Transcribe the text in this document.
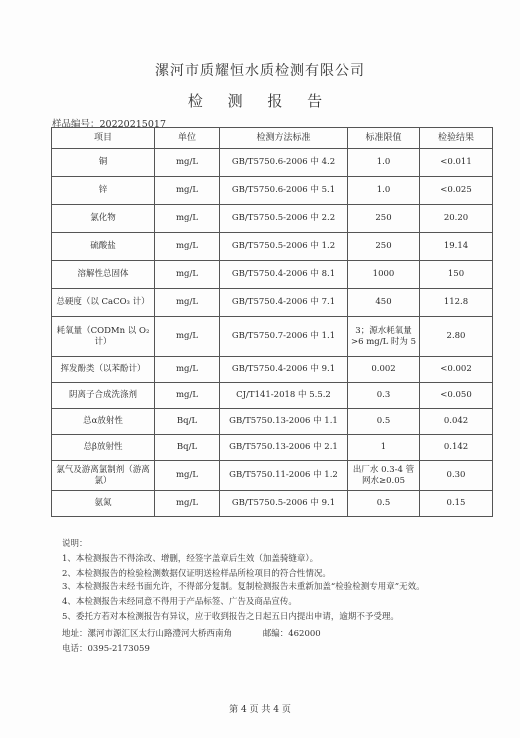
漯河市质耀恒水质检测有限公司
检 测 报 告
样品编号：20220215017
项目	单位	检测方法标准	标准限值	检验结果
铜	mg/L	GB/T5750.6-2006 中 4.2	1.0	<0.011
锌	mg/L	GB/T5750.6-2006 中 5.1	1.0	<0.025
氯化物	mg/L	GB/T5750.5-2006 中 2.2	250	20.20
硫酸盐	mg/L	GB/T5750.5-2006 中 1.2	250	19.14
溶解性总固体	mg/L	GB/T5750.4-2006 中 8.1	1000	150
总硬度（以 CaCO₃ 计）	mg/L	GB/T5750.4-2006 中 7.1	450	112.8
耗氧量（CODMn 以 O₂ 计）	mg/L	GB/T5750.7-2006 中 1.1	3；源水耗氧量>6 mg/L 时为 5	2.80
挥发酚类（以苯酚计）	mg/L	GB/T5750.4-2006 中 9.1	0.002	<0.002
阴离子合成洗涤剂	mg/L	CJ/T141-2018 中 5.5.2	0.3	<0.050
总α放射性	Bq/L	GB/T5750.13-2006 中 1.1	0.5	0.042
总β放射性	Bq/L	GB/T5750.13-2006 中 2.1	1	0.142
氯气及游离氯制剂（游离氯）	mg/L	GB/T5750.11-2006 中 1.2	出厂水 0.3-4 管网水≥0.05	0.30
氨氮	mg/L	GB/T5750.5-2006 中 9.1	0.5	0.15
说明：
1、本检测报告不得涂改、增删，经签字盖章后生效（加盖骑缝章）。
2、本检测报告的检验检测数据仅证明送检样品所检项目的符合性情况。
3、本检测报告未经书面允许，不得部分复制。复制检测报告未重新加盖“检验检测专用章”无效。
4、本检测报告未经同意不得用于产品标签、广告及商品宣传。
5、委托方若对本检测报告有异议，应于收到报告之日起五日内提出申请，逾期不予受理。
地址：漯河市源汇区太行山路澧河大桥西南角	邮编：462000
电话：0395-2173059
第 4 页 共 4 页
